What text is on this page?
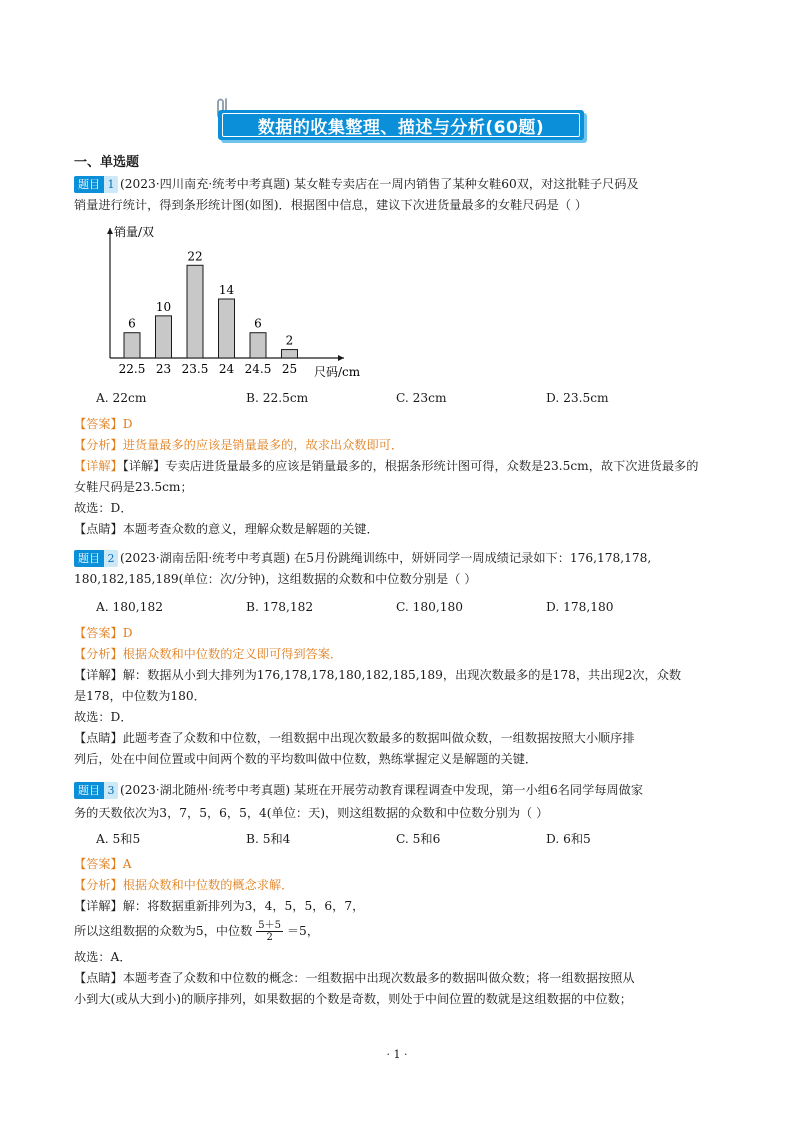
数据的收集整理、描述与分析(60题)
一、单选题
题目 1 (2023·四川南充·统考中考真题) 某女鞋专卖店在一周内销售了某种女鞋60双，对这批鞋子尺码及
销量进行统计，得到条形统计图(如图)．根据图中信息，建议下次进货量最多的女鞋尺码是（ ）
销量/双
尺码/cm
6
22.5
10
23
22
23.5
14
24
6
24.5
2
25
A. 22cm	B. 22.5cm	C. 23cm	D. 23.5cm
【答案】D
【分析】进货量最多的应该是销量最多的，故求出众数即可．
【详解】【详解】专卖店进货量最多的应该是销量最多的，根据条形统计图可得，众数是23.5cm，故下次进货最多的
女鞋尺码是23.5cm；
故选：D．
【点睛】本题考查众数的意义，理解众数是解题的关键．
题目 2 (2023·湖南岳阳·统考中考真题) 在5月份跳绳训练中，妍妍同学一周成绩记录如下：176,178,178,
180,182,185,189(单位：次/分钟)，这组数据的众数和中位数分别是（ ）
A. 180,182	B. 178,182	C. 180,180	D. 178,180
【答案】D
【分析】根据众数和中位数的定义即可得到答案．
【详解】解：数据从小到大排列为176,178,178,180,182,185,189，出现次数最多的是178，共出现2次，众数
是178，中位数为180．
故选：D．
【点睛】此题考查了众数和中位数，一组数据中出现次数最多的数据叫做众数，一组数据按照大小顺序排
列后，处在中间位置或中间两个数的平均数叫做中位数，熟练掌握定义是解题的关键．
题目 3 (2023·湖北随州·统考中考真题) 某班在开展劳动教育课程调查中发现，第一小组6名同学每周做家
务的天数依次为3，7，5，6，5，4(单位：天)，则这组数据的众数和中位数分别为（ ）
A. 5和5	B. 5和4	C. 5和6	D. 6和5
【答案】A
【分析】根据众数和中位数的概念求解．
【详解】解：将数据重新排列为3，4，5，5，6，7，
所以这组数据的众数为5，中位数 $\frac{5+5}{2} =5$，
故选：A．
【点睛】本题考查了众数和中位数的概念：一组数据中出现次数最多的数据叫做众数；将一组数据按照从
小到大(或从大到小)的顺序排列，如果数据的个数是奇数，则处于中间位置的数就是这组数据的中位数；
· 1 ·
